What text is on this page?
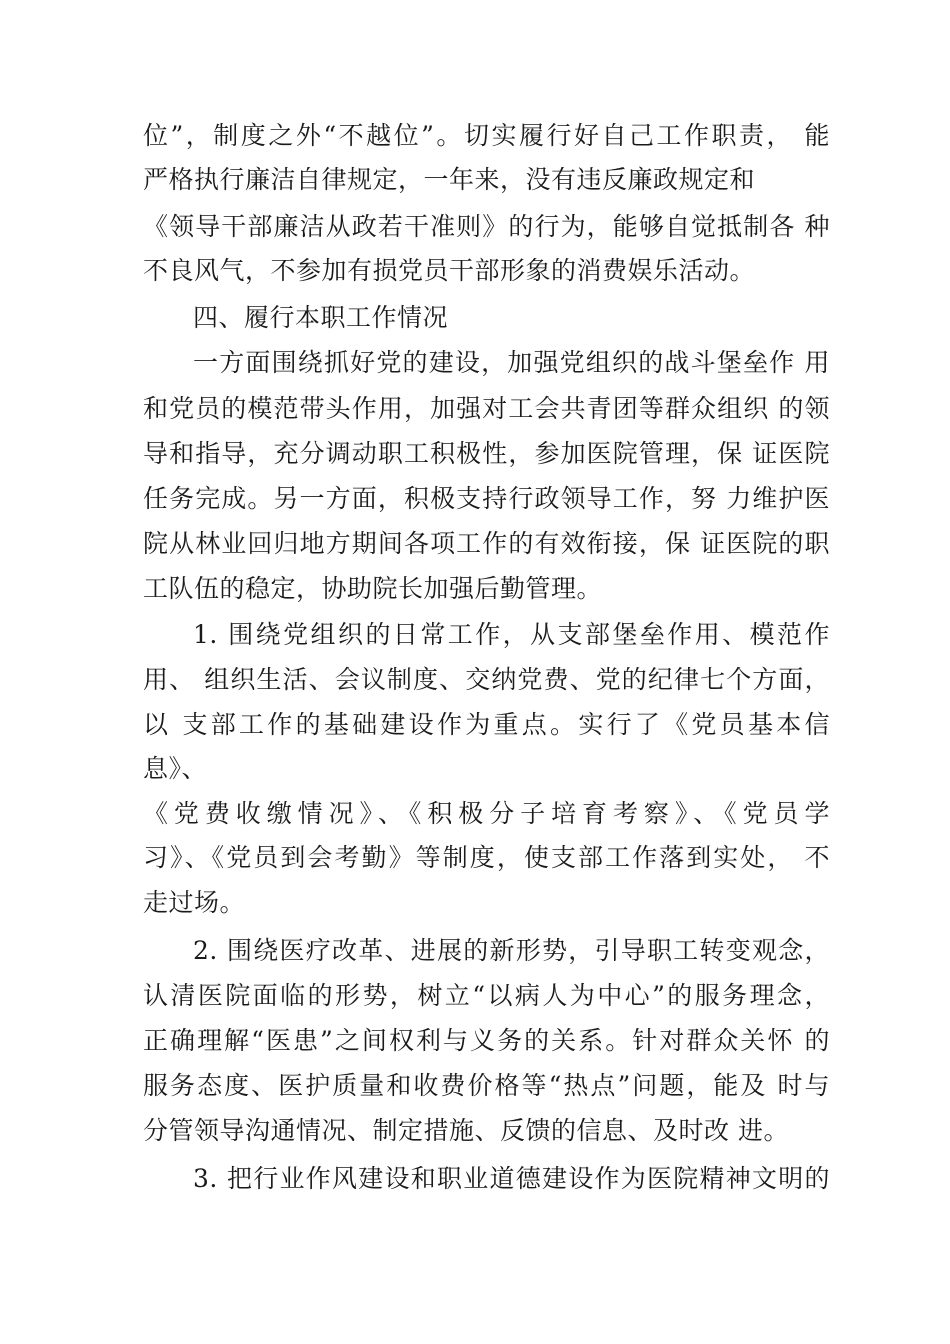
位”，制度之外“不越位”。切实履行好自己工作职责， 能
严格执行廉洁自律规定，一年来，没有违反廉政规定和
《领导干部廉洁从政若干准则》的行为，能够自觉抵制各 种
不良风气，不参加有损党员干部形象的消费娱乐活动。
四、履行本职工作情况
一方面围绕抓好党的建设，加强党组织的战斗堡垒作 用
和党员的模范带头作用，加强对工会共青团等群众组织 的领
导和指导，充分调动职工积极性，参加医院管理，保 证医院
任务完成。另一方面，积极支持行政领导工作，努 力维护医
院从林业回归地方期间各项工作的有效衔接，保 证医院的职
工队伍的稳定，协助院长加强后勤管理。
1. 围绕党组织的日常工作，从支部堡垒作用、模范作
用、 组织生活、会议制度、交纳党费、党的纪律七个方面，
以 支部工作的基础建设作为重点。实行了《党员基本信
息》、
《党费收缴情况》、《积极分子培育考察》、《党员学
习》、《党员到会考勤》等制度，使支部工作落到实处， 不
走过场。
2. 围绕医疗改革、进展的新形势，引导职工转变观念，
认清医院面临的形势，树立“以病人为中心”的服务理念，
正确理解“医患”之间权利与义务的关系。针对群众关怀 的
服务态度、医护质量和收费价格等“热点”问题，能及 时与
分管领导沟通情况、制定措施、反馈的信息、及时改 进。
3. 把行业作风建设和职业道德建设作为医院精神文明的
